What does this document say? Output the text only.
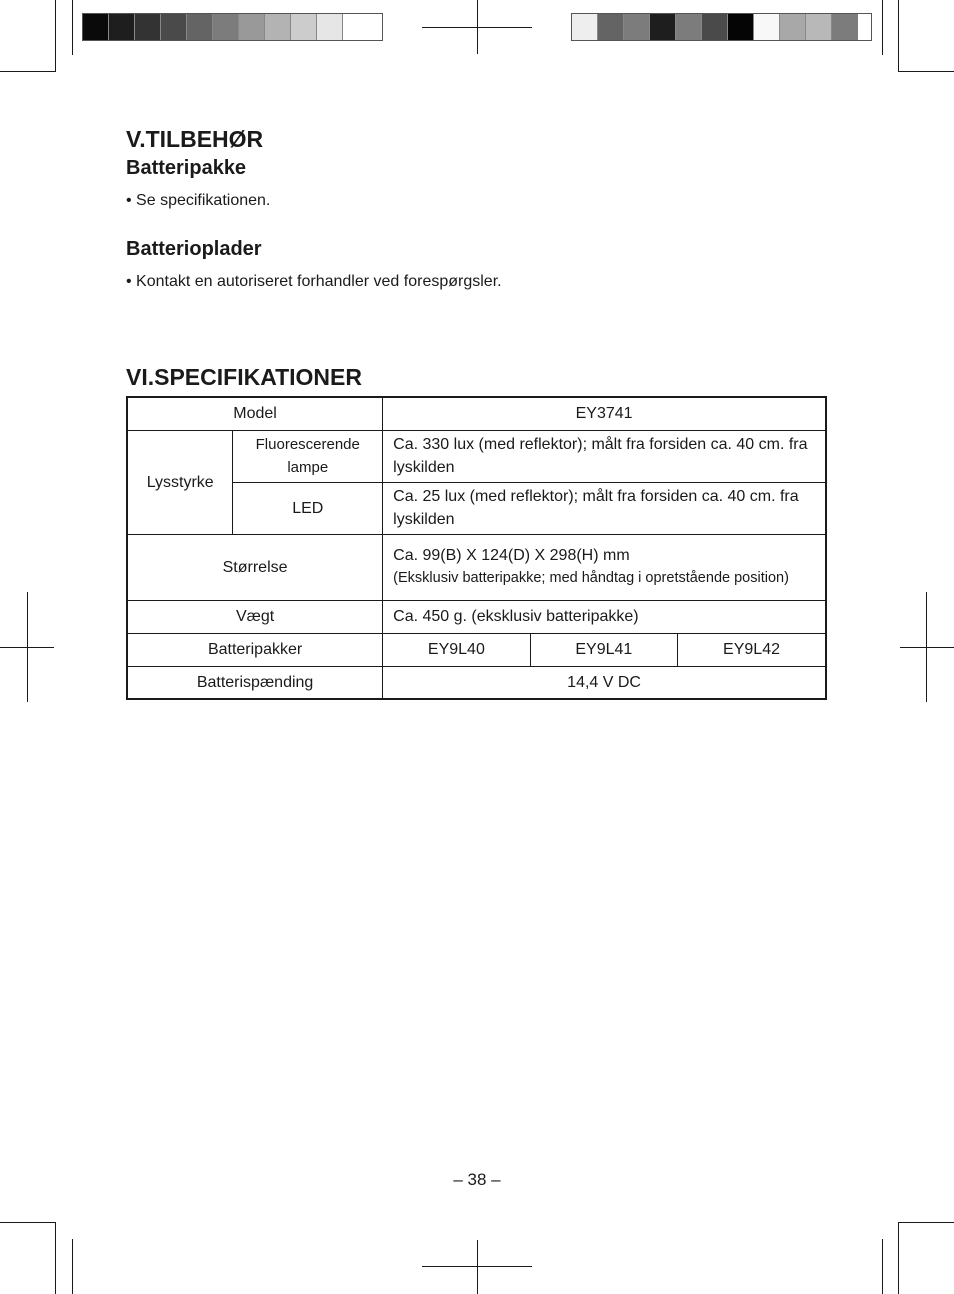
V.TILBEHØR
Batteripakke

• Se specifikationen.

Batterioplader

• Kontakt en autoriseret forhandler ved forespørgsler.

VI.SPECIFIKATIONER
Model		EY3741		
Lysstyrke	Fluorescerende lampe	Ca. 330 lux (med reflektor); målt fra forsiden ca. 40 cm. fra lyskilden		
	LED	Ca. 25 lux (med reflektor); målt fra forsiden ca. 40 cm. fra lyskilden		
Størrelse		Ca. 99(B) X 124(D) X 298(H) mm
(Eksklusiv batteripakke; med håndtag i opretstående position)		

Vægt		Ca. 450 g. (eksklusiv batteripakke)		
Batteripakker		EY9L40	EY9L41	EY9L42
Batterispænding		14,4 V DC		
– 38 –
